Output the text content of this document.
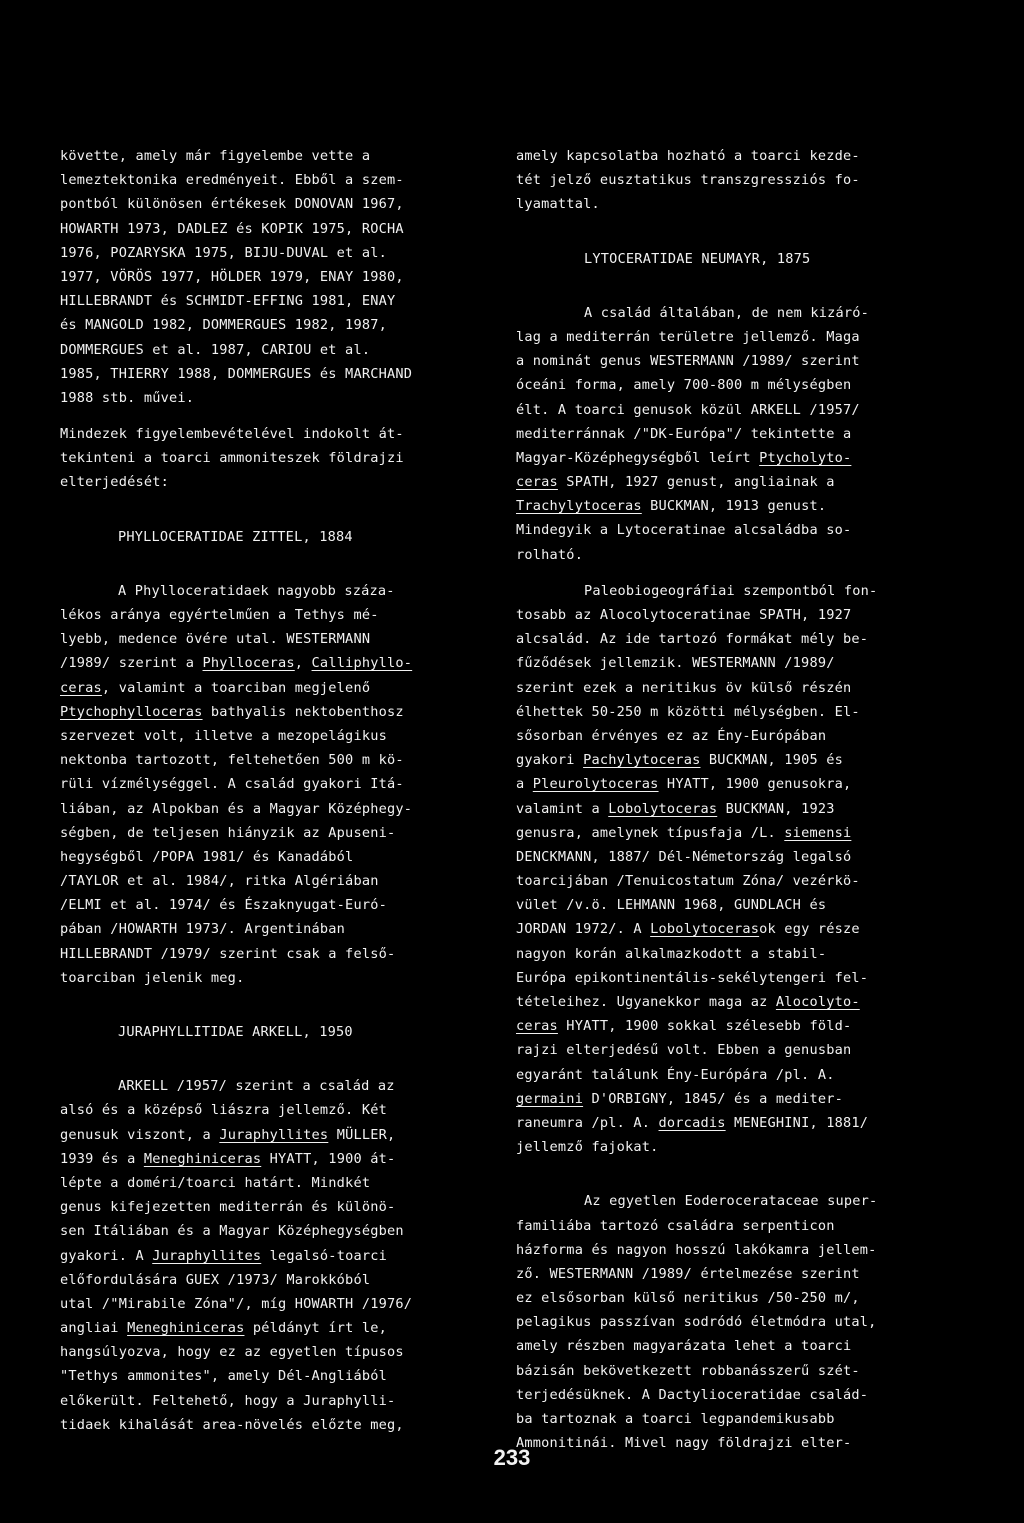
követte, amely már figyelembe vette a
lemeztektonika eredményeit. Ebből a szem-
pontból különösen értékesek DONOVAN 1967,
HOWARTH 1973, DADLEZ és KOPIK 1975, ROCHA
1976, POZARYSKA 1975, BIJU-DUVAL et al.
1977, VÖRÖS 1977, HÖLDER 1979, ENAY 1980,
HILLEBRANDT és SCHMIDT-EFFING 1981, ENAY
és MANGOLD 1982, DOMMERGUES 1982, 1987,
DOMMERGUES et al. 1987, CARIOU et al.
1985, THIERRY 1988, DOMMERGUES és MARCHAND
1988 stb. művei.
Mindezek figyelembevételével indokolt át-
tekinteni a toarci ammoniteszek földrajzi
elterjedését:
PHYLLOCERATIDAE ZITTEL, 1884
A Phylloceratidaek nagyobb száza-
lékos aránya egyértelműen a Tethys mé-
lyebb, medence övére utal. WESTERMANN
/1989/ szerint a Phylloceras, Calliphyllo-
ceras, valamint a toarciban megjelenő
Ptychophylloceras bathyalis nektobenthosz
szervezet volt, illetve a mezopelágikus
nektonba tartozott, feltehetően 500 m kö-
rüli vízmélységgel. A család gyakori Itá-
liában, az Alpokban és a Magyar Középhegy-
ségben, de teljesen hiányzik az Apuseni-
hegységből /POPA 1981/ és Kanadából
/TAYLOR et al. 1984/, ritka Algériában
/ELMI et al. 1974/ és Északnyugat-Euró-
pában /HOWARTH 1973/. Argentinában
HILLEBRANDT /1979/ szerint csak a felső-
toarciban jelenik meg.
JURAPHYLLITIDAE ARKELL, 1950
ARKELL /1957/ szerint a család az
alsó és a középső liászra jellemző. Két
genusuk viszont, a Juraphyllites MÜLLER,
1939 és a Meneghiniceras HYATT, 1900 át-
lépte a doméri/toarci határt. Mindkét
genus kifejezetten mediterrán és különö-
sen Itáliában és a Magyar Középhegységben
gyakori. A Juraphyllites legalsó-toarci
előfordulására GUEX /1973/ Marokkóból
utal /"Mirabile Zóna"/, míg HOWARTH /1976/
angliai Meneghiniceras példányt írt le,
hangsúlyozva, hogy ez az egyetlen típusos
"Tethys ammonites", amely Dél-Angliából
előkerült. Feltehető, hogy a Juraphylli-
tidaek kihalását area-növelés előzte meg,
amely kapcsolatba hozható a toarci kezde-
tét jelző eusztatikus transzgressziós fo-
lyamattal.
LYTOCERATIDAE NEUMAYR, 1875
A család általában, de nem kizáró-
lag a mediterrán területre jellemző. Maga
a nominát genus WESTERMANN /1989/ szerint
óceáni forma, amely 700-800 m mélységben
élt. A toarci genusok közül ARKELL /1957/
mediterránnak /"DK-Európa"/ tekintette a
Magyar-Középhegységből leírt Ptycholyto-
ceras SPATH, 1927 genust, angliainak a
Trachylytoceras BUCKMAN, 1913 genust.
Mindegyik a Lytoceratinae alcsaládba so-
rolható.
Paleobiogeográfiai szempontból fon-
tosabb az Alocolytoceratinae SPATH, 1927
alcsalád. Az ide tartozó formákat mély be-
fűződések jellemzik. WESTERMANN /1989/
szerint ezek a neritikus öv külső részén
élhettek 50-250 m közötti mélységben. El-
sősorban érvényes ez az Ény-Európában
gyakori Pachylytoceras BUCKMAN, 1905 és
a Pleurolytoceras HYATT, 1900 genusokra,
valamint a Lobolytoceras BUCKMAN, 1923
genusra, amelynek típusfaja /L. siemensi
DENCKMANN, 1887/ Dél-Németország legalsó
toarcijában /Tenuicostatum Zóna/ vezérkö-
vület /v.ö. LEHMANN 1968, GUNDLACH és
JORDAN 1972/. A Lobolytocerasok egy része
nagyon korán alkalmazkodott a stabil-
Európa epikontinentális-sekélytengeri fel-
tételeihez. Ugyanekkor maga az Alocolyto-
ceras HYATT, 1900 sokkal szélesebb föld-
rajzi elterjedésű volt. Ebben a genusban
egyaránt találunk Ény-Európára /pl. A.
germaini D'ORBIGNY, 1845/ és a mediter-
raneumra /pl. A. dorcadis MENEGHINI, 1881/
jellemző fajokat.
Az egyetlen Eoderocerataceae super-
familiába tartozó családra serpenticon
házforma és nagyon hosszú lakókamra jellem-
ző. WESTERMANN /1989/ értelmezése szerint
ez elsősorban külső neritikus /50-250 m/,
pelagikus passzívan sodródó életmódra utal,
amely részben magyarázata lehet a toarci
bázisán bekövetkezett robbanásszerű szét-
terjedésüknek. A Dactylioceratidae család-
ba tartoznak a toarci legpandemikusabb
Ammonitinái. Mivel nagy földrajzi elter-
233
